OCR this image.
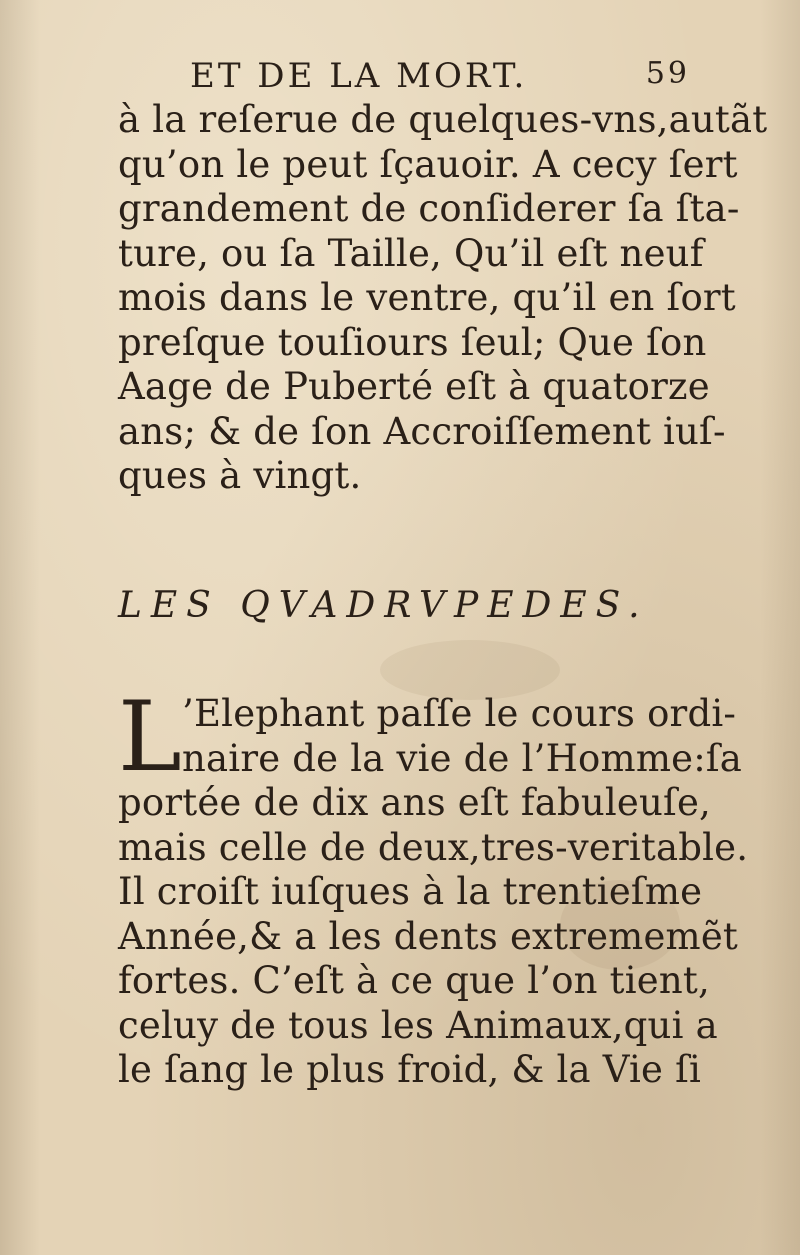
ET DE LA MORT.	59
à la reſerue de quelques-vns,autãt
qu’on le peut ſçauoir. A cecy ſert
grandement de conſiderer ſa ſta-
ture, ou ſa Taille, Qu’il eſt neuf
mois dans le ventre, qu’il en ſort
preſque touſiours ſeul; Que ſon
Aage de Puberté eſt à quatorze
ans; & de ſon Accroiſſement iuſ-
ques à vingt.
LES QVADRVPEDES.
L ’Elephant paſſe le cours ordi-
naire de la vie de l’Homme:ſa
portée de dix ans eſt fabuleuſe,
mais celle de deux,tres-veritable.
Il croiſt iuſques à la trentieſme
Année,& a les dents extrememẽt
fortes. C’eſt à ce que l’on tient,
celuy de tous les Animaux,qui a
le ſang le plus froid, & la Vie ſi
